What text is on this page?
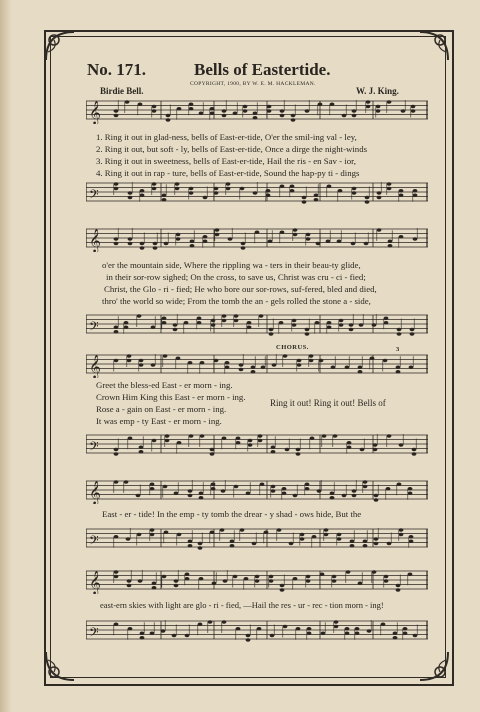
No. 171.	Bells of Eastertide.
COPYRIGHT, 1900, BY W. E. M. HACKLEMAN.
Birdie Bell.	W. J. King.
𝄞
𝄢
𝄞
𝄢
𝄞
𝄢
𝄞
𝄢
𝄞
𝄢
1. Ring it out in glad-ness, bells of East-er-tide, O'er the smil-ing val - ley,
2. Ring it out, but soft - ly, bells of East-er-tide, Once a dirge the night-winds
3. Ring it out in sweetness, bells of East-er-tide, Hail the ris - en Sav - ior,
4. Ring it out in rap - ture, bells of East-er-tide, Sound the hap-py ti - dings
o'er the mountain side, Where the rippling wa - ters in their beau-ty glide,
in their sor-row sighed; On the cross, to save us, Christ was cru - ci - fied;
Christ, the Glo - ri - fied; He who bore our sor-rows, suf-fered, bled and died,
thro' the world so wide; From the tomb the an - gels rolled the stone a - side,
CHORUS.	3
Greet the bless-ed East - er morn - ing.
Crown Him King this East - er morn - ing.
Rose a - gain on East - er morn - ing.
It was emp - ty East - er morn - ing.
Ring it out! Ring it out! Bells of
East - er - tide! In the emp - ty tomb the drear - y shad - ows hide, But the
east-ern skies with light are glo - ri - fied, —Hail the res - ur - rec - tion morn - ing!
